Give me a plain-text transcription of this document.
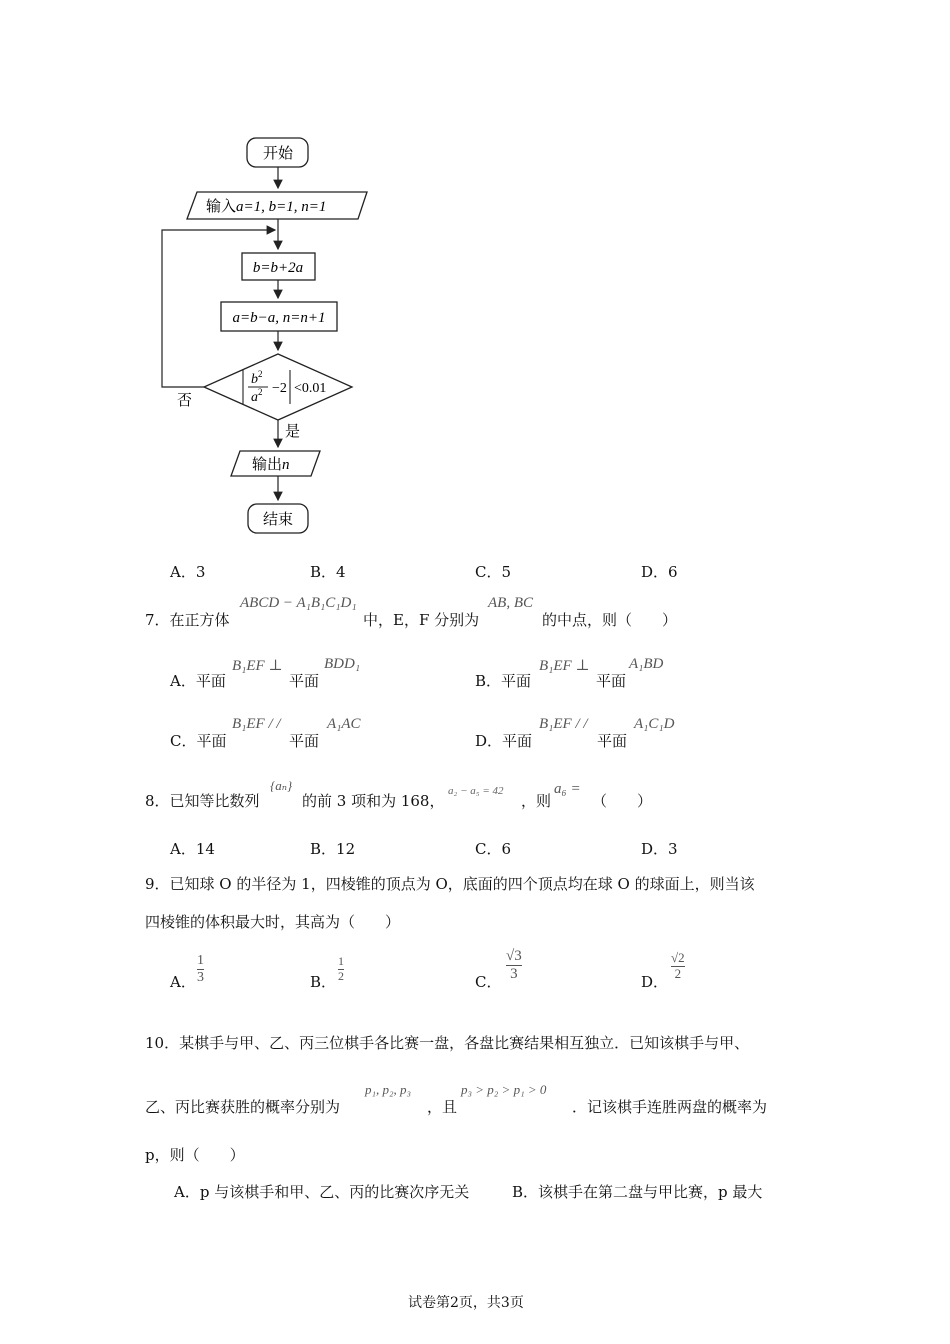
开始
输入a=1, b=1, n=1
b=b+2a
a=b−a, n=n+1
$b^2$
$a^2 -2 <0.01$
否
是
输出n
结束
A．3	B．4	C．5	D．6
7．在正方体
ABCD − A₁B₁C₁D₁
中，E，F 分别为
AB, BC
的中点，则（　　）
A．平面
B₁EF ⊥
平面
BDD₁
B．平面
B₁EF ⊥
平面
A₁BD
C．平面
B₁EF / /
平面
A₁AC
D．平面
B₁EF / /
平面
A₁C₁D
8．已知等比数列
{aₙ}
的前 3 项和为 168，
a₂ − a₅ = 42
，则
a₆ =
（　　）
A．14	B．12	C．6	D．3
9．已知球 O 的半径为 1，四棱锥的顶点为 O，底面的四个顶点均在球 O 的球面上，则当该
四棱锥的体积最大时，其高为（　　）
A．
1
3	B．
1
2	C．
√3
3	D．
√2
2
10．某棋手与甲、乙、丙三位棋手各比赛一盘，各盘比赛结果相互独立．已知该棋手与甲、
乙、丙比赛获胜的概率分别为
p₁, p₂, p₃
，且
p₃ > p₂ > p₁ > 0
．记该棋手连胜两盘的概率为
p，则（　　）
A．p 与该棋手和甲、乙、丙的比赛次序无关	B．该棋手在第二盘与甲比赛，p 最大
试卷第2页，共3页
